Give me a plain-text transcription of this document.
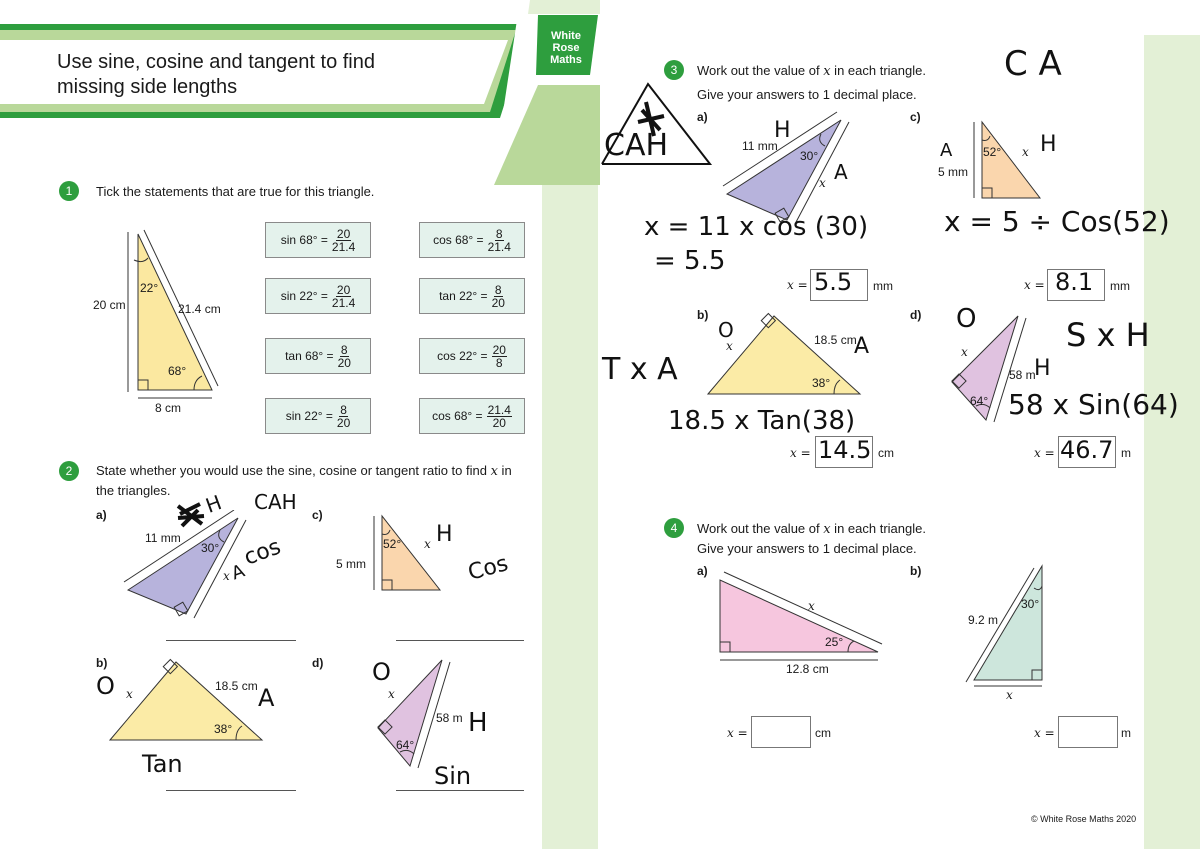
White
Rose
Maths
Use sine, cosine and tangent to find
missing side lengths
1	Tick the statements that are true for this triangle.
22°
68°
20 cm	21.4 cm
8 cm
$\sin 68^\circ = \frac{20}{21.4}$	$\cos 68^\circ = \frac{8}{21.4}$
$\sin 22^\circ = \frac{20}{21.4}$	$\tan 22^\circ = \frac{8}{20}$
$\tan 68^\circ = \frac{8}{20}$	$\cos 22^\circ = \frac{20}{8}$
$\sin 22^\circ = \frac{8}{20}$	$\cos 68^\circ = \frac{21.4}{20}$
2	State whether you would use the sine, cosine or tangent ratio to find x in
the triangles.
a)	c)
b)	d)
11 mm
30°
x
52°
5 mm
x
18.5 cm
38°
x
58 m
64°
x
H CAH
A
cos	H
Cos
O	A
Tan
O
H
Sin
3	Work out the value of x in each triangle.
Give your answers to 1 decimal place.
a)	c)
b)	d)
11 mm
30°
x
52°
5 mm
x
18.5 cm
38°
x
58 m
64°
x
x = 5.5 mm	x = 8.1 mm
x = 14.5 cm	x = 46.7 m
CAH	H
A
x = 11 x cos (30)
= 5.5
C A
A	H
x = 5 ÷ Cos(52)
O
A
T x A
18.5 x Tan(38)
O
H
S x H
58 x Sin(64)
4	Work out the value of x in each triangle.
Give your answers to 1 decimal place.
a)	b)
x
25°
12.8 cm
30°
9.2 m
x
x =	cm	x =	m
© White Rose Maths 2020
